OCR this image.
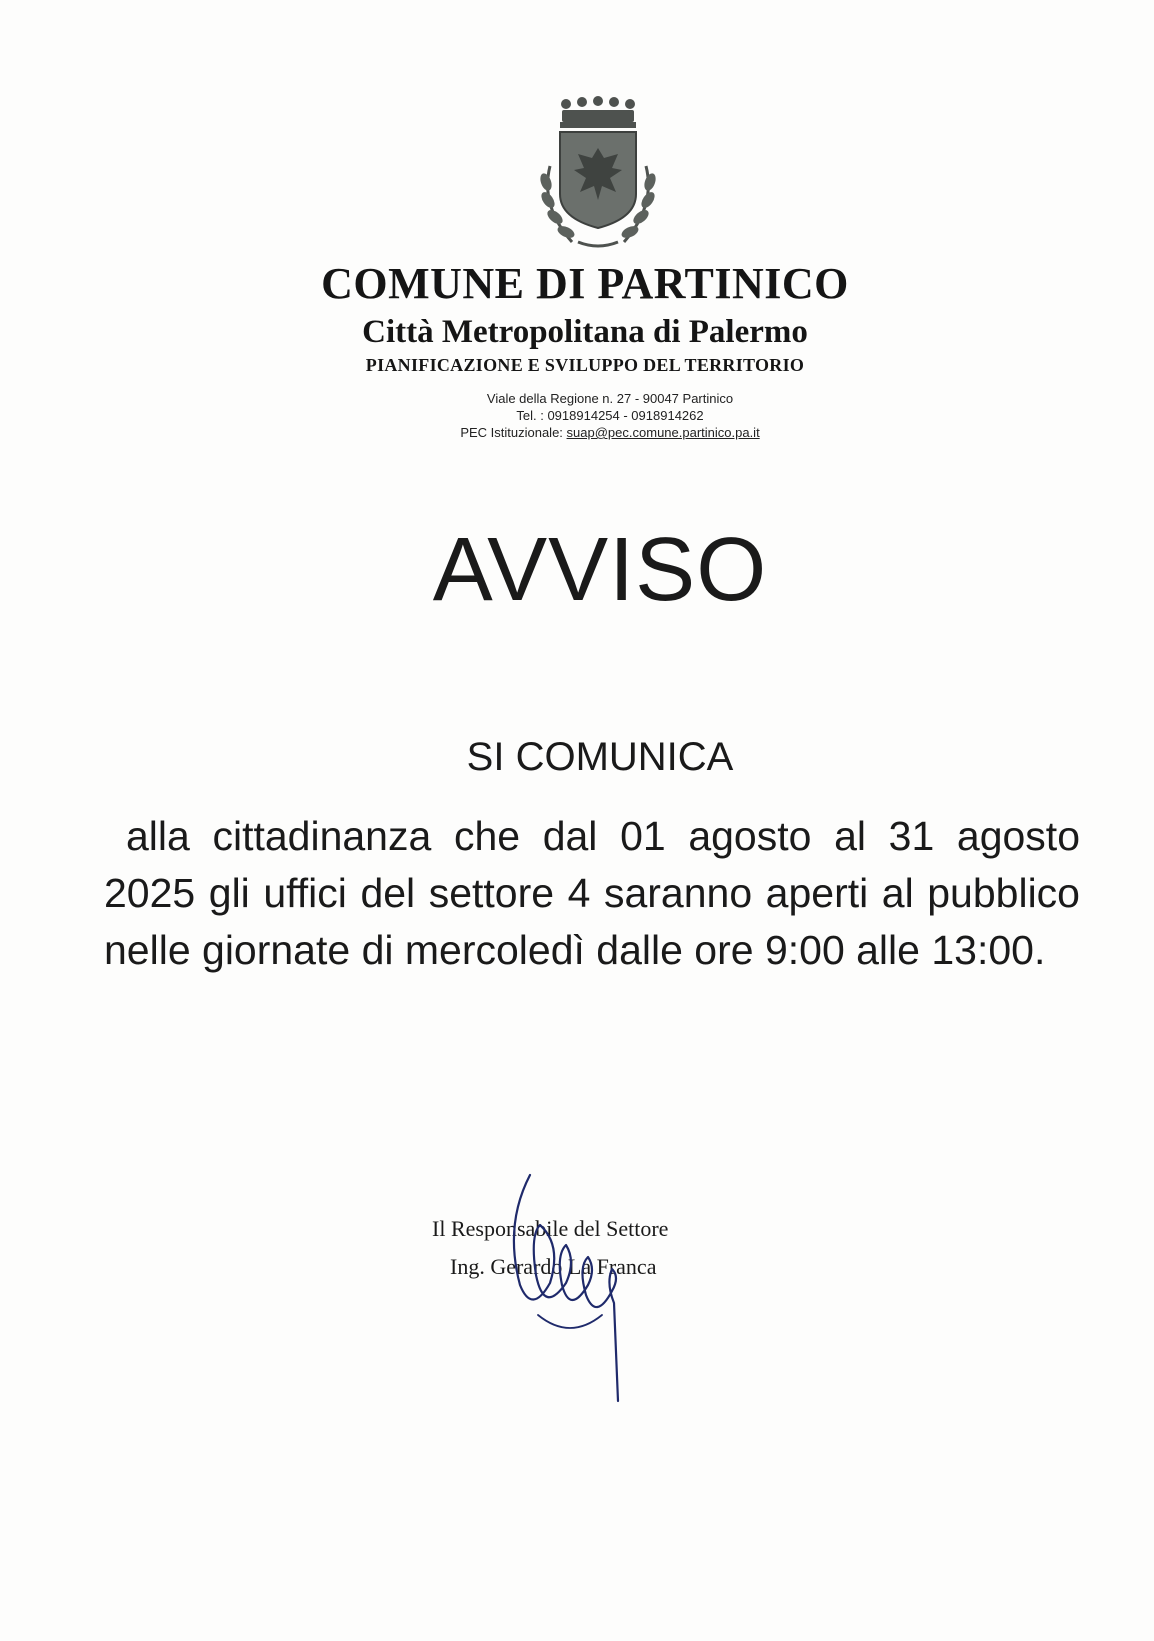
COMUNE DI PARTINICO
Città Metropolitana di Palermo
PIANIFICAZIONE E SVILUPPO DEL TERRITORIO
Viale della Regione n. 27 - 90047 Partinico
Tel. : 0918914254 - 0918914262
PEC Istituzionale: suap@pec.comune.partinico.pa.it
AVVISO
SI COMUNICA
alla cittadinanza che dal 01 agosto al 31 agosto 2025 gli uffici del settore 4 saranno aperti al pubblico nelle giornate di mercoledì dalle ore 9:00 alle 13:00.
Il Responsabile del Settore
Ing. Gerardo La Franca
